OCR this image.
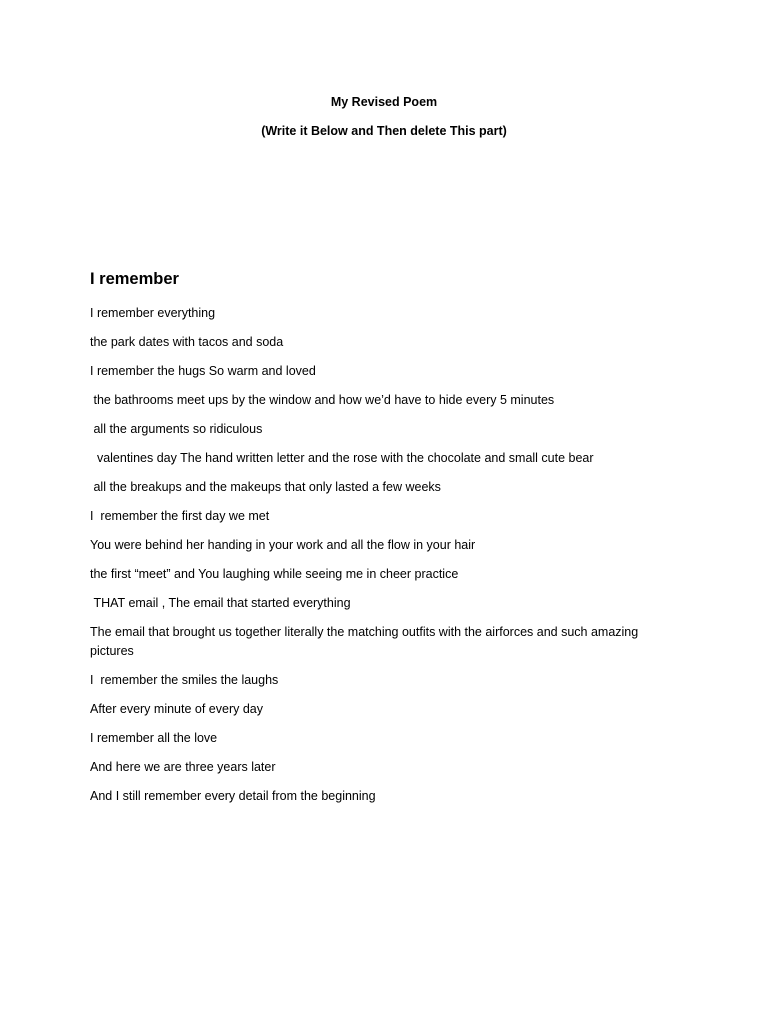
My Revised Poem
(Write it Below and Then delete This part)
I remember
I remember everything
the park dates with tacos and soda
I remember the hugs So warm and loved
the bathrooms meet ups by the window and how we’d have to hide every 5 minutes
all the arguments so ridiculous
valentines day The hand written letter and the rose with the chocolate and small cute bear
all the breakups and the makeups that only lasted a few weeks
I  remember the first day we met
You were behind her handing in your work and all the flow in your hair
the first “meet” and You laughing while seeing me in cheer practice
THAT email , The email that started everything
The email that brought us together literally the matching outfits with the airforces and such amazing pictures
I  remember the smiles the laughs
After every minute of every day
I remember all the love
And here we are three years later
And I still remember every detail from the beginning
